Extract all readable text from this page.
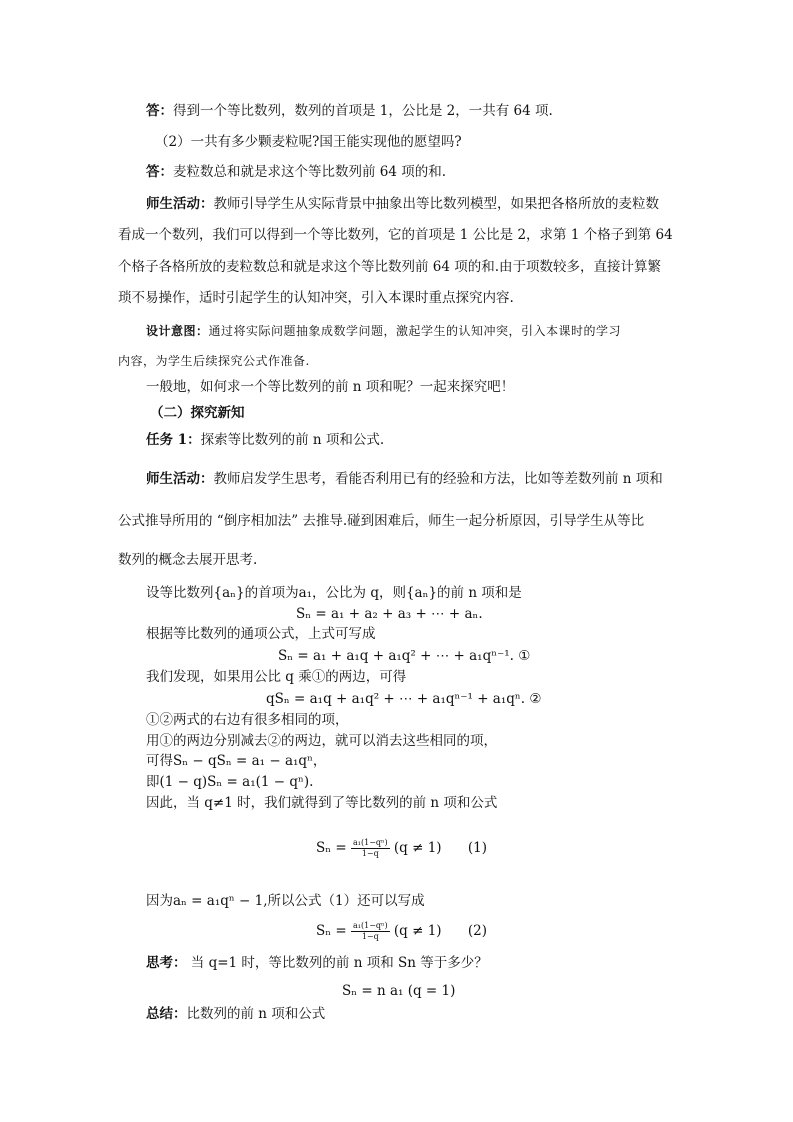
答：得到一个等比数列，数列的首项是 1，公比是 2，一共有 64 项.
（2）一共有多少颗麦粒呢?国王能实现他的愿望吗?
答：麦粒数总和就是求这个等比数列前 64 项的和.
师生活动：教师引导学生从实际背景中抽象出等比数列模型，如果把各格所放的麦粒数
看成一个数列，我们可以得到一个等比数列，它的首项是 1 公比是 2，求第 1 个格子到第 64
个格子各格所放的麦粒数总和就是求这个等比数列前 64 项的和.由于项数较多，直接计算繁
琐不易操作，适时引起学生的认知冲突，引入本课时重点探究内容.
设计意图：通过将实际问题抽象成数学问题，激起学生的认知冲突，引入本课时的学习
内容，为学生后续探究公式作准备.
一般地，如何求一个等比数列的前 n 项和呢？一起来探究吧！
（二）探究新知
任务 1：探索等比数列的前 n 项和公式.
师生活动：教师启发学生思考，看能否利用已有的经验和方法，比如等差数列前 n 项和
公式推导所用的 “倒序相加法” 去推导.碰到困难后，师生一起分析原因，引导学生从等比
数列的概念去展开思考.
设等比数列{aₙ}的首项为a₁，公比为 q，则{aₙ}的前 n 项和是
Sₙ = a₁ + a₂ + a₃ + ⋯ + aₙ.
根据等比数列的通项公式，上式可写成
Sₙ = a₁ + a₁q + a₁q² + ⋯ + a₁qⁿ⁻¹. ①
我们发现，如果用公比 q 乘①的两边，可得
qSₙ = a₁q + a₁q² + ⋯ + a₁qⁿ⁻¹ + a₁qⁿ. ②
①②两式的右边有很多相同的项，
用①的两边分别减去②的两边，就可以消去这些相同的项，
可得Sₙ − qSₙ = a₁ − a₁qⁿ，
即(1 − q)Sₙ = a₁(1 − qⁿ).
因此，当 q≠1 时，我们就得到了等比数列的前 n 项和公式
$S_n = \frac{\text{a₁(1−qⁿ)}}{1-q} (q \ne 1)$ (1)
因为aₙ = a₁qⁿ − 1,所以公式（1）还可以写成
$S_n = \frac{\text{a₁(1−qⁿ)}}{1-q} (q \ne 1)$ (2)
思考： 当 q=1 时，等比数列的前 n 项和 Sn 等于多少？
Sₙ = n a₁ (q = 1)
总结：比数列的前 n 项和公式
